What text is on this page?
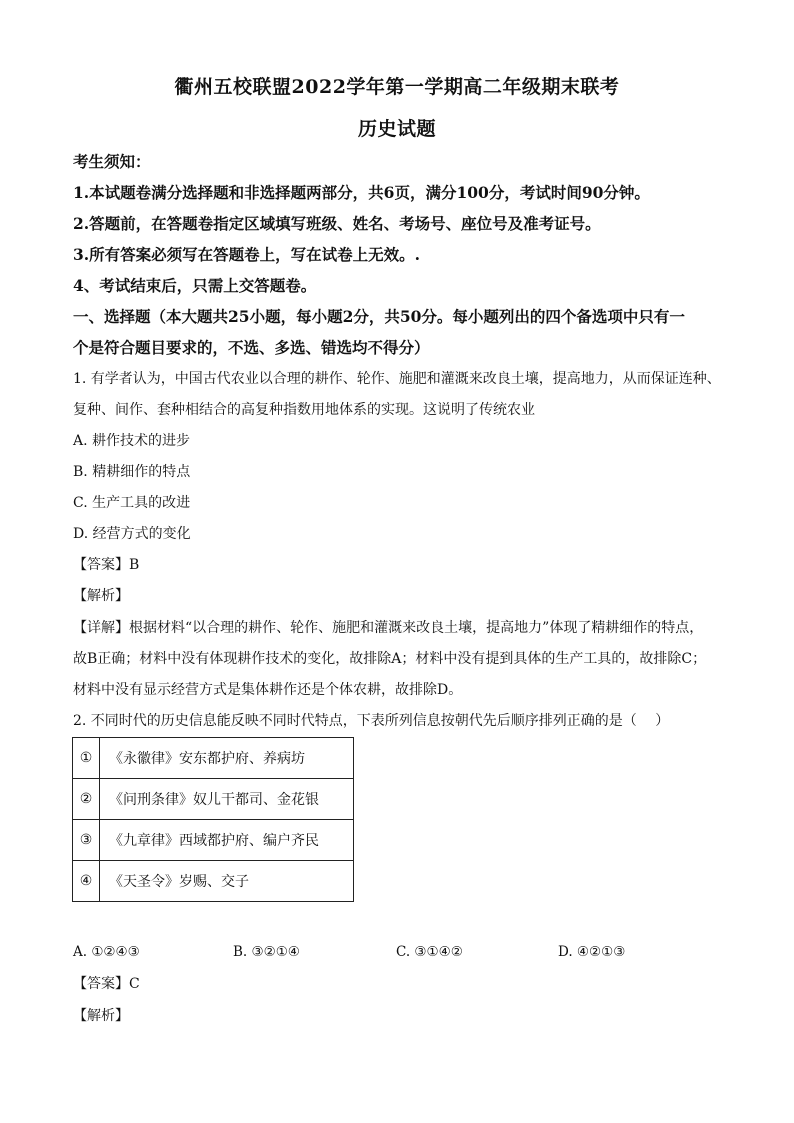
衢州五校联盟2022学年第一学期高二年级期末联考
历史试题
考生须知：
1.本试题卷满分选择题和非选择题两部分，共6页，满分100分，考试时间90分钟。
2.答题前，在答题卷指定区域填写班级、姓名、考场号、座位号及准考证号。
3.所有答案必须写在答题卷上，写在试卷上无效。.
4、考试结束后，只需上交答题卷。
一、选择题（本大题共25小题，每小题2分，共50分。每小题列出的四个备选项中只有一
个是符合题目要求的，不选、多选、错选均不得分）
1. 有学者认为，中国古代农业以合理的耕作、轮作、施肥和灌溉来改良土壤，提高地力，从而保证连种、
复种、间作、套种相结合的高复种指数用地体系的实现。这说明了传统农业
A. 耕作技术的进步
B. 精耕细作的特点
C. 生产工具的改进
D. 经营方式的变化
【答案】B
【解析】
【详解】根据材料“以合理的耕作、轮作、施肥和灌溉来改良土壤，提高地力”体现了精耕细作的特点，
故B正确；材料中没有体现耕作技术的变化，故排除A；材料中没有提到具体的生产工具的，故排除C；
材料中没有显示经营方式是集体耕作还是个体农耕，故排除D。
2. 不同时代的历史信息能反映不同时代特点，下表所列信息按朝代先后顺序排列正确的是（　 ）
①	《永徽律》安东都护府、养病坊
②	《问刑条律》奴儿干都司、金花银
③	《九章律》西域都护府、编户齐民
④	《天圣令》岁赐、交子
A. ①②④③	B. ③②①④	C. ③①④②	D. ④②①③
【答案】C
【解析】
